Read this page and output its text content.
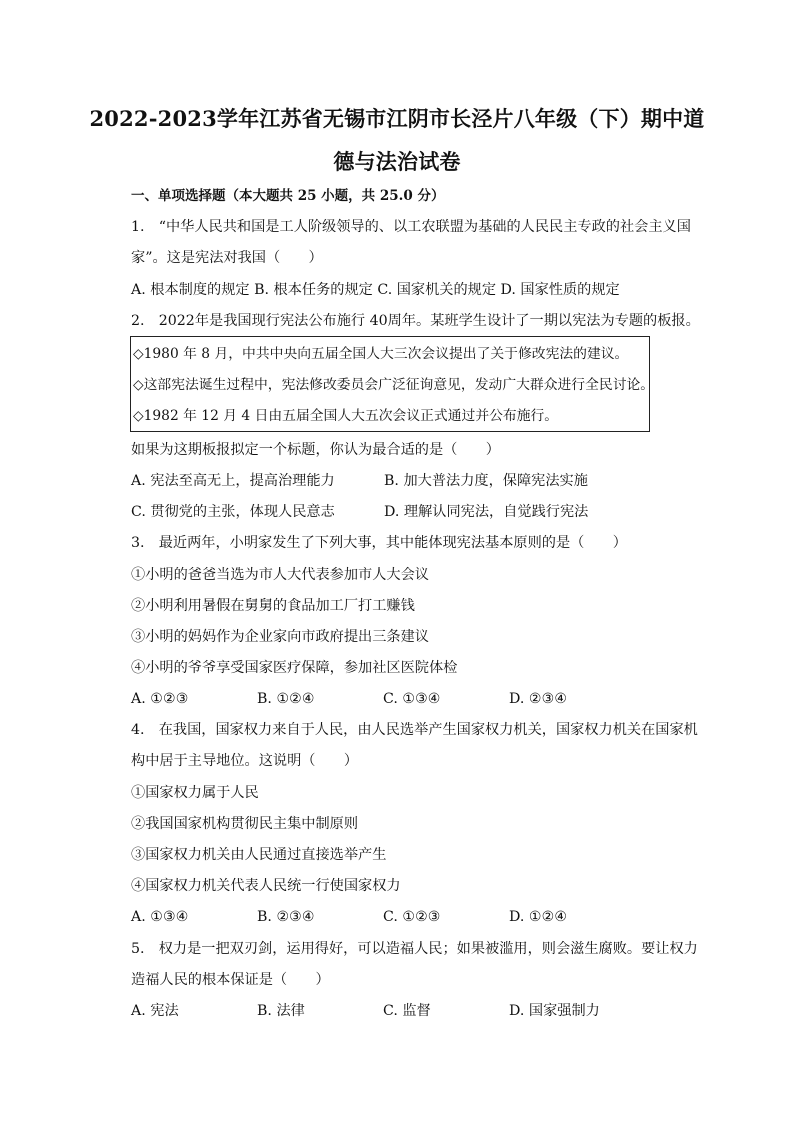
2022-2023学年江苏省无锡市江阴市长泾片八年级（下）期中道
德与法治试卷
一、单项选择题（本大题共 25 小题，共 25.0 分）
1.　“中华人民共和国是工人阶级领导的、以工农联盟为基础的人民民主专政的社会主义国
家”。这是宪法对我国（　　）
A. 根本制度的规定 B. 根本任务的规定 C. 国家机关的规定 D. 国家性质的规定
2.　2022年是我国现行宪法公布施行 40周年。某班学生设计了一期以宪法为专题的板报。
◇1980 年 8 月，中共中央向五届全国人大三次会议提出了关于修改宪法的建议。
◇这部宪法诞生过程中，宪法修改委员会广泛征询意见，发动广大群众进行全民讨论。
◇1982 年 12 月 4 日由五届全国人大五次会议正式通过并公布施行。
如果为这期板报拟定一个标题，你认为最合适的是（　　）
A. 宪法至高无上，提高治理能力	B. 加大普法力度，保障宪法实施
C. 贯彻党的主张，体现人民意志	D. 理解认同宪法，自觉践行宪法
3.　最近两年，小明家发生了下列大事，其中能体现宪法基本原则的是（　　）
①小明的爸爸当选为市人大代表参加市人大会议
②小明利用暑假在舅舅的食品加工厂打工赚钱
③小明的妈妈作为企业家向市政府提出三条建议
④小明的爷爷享受国家医疗保障，参加社区医院体检
A. ①②③	B. ①②④	C. ①③④	D. ②③④
4.　在我国，国家权力来自于人民，由人民选举产生国家权力机关，国家权力机关在国家机
构中居于主导地位。这说明（　　）
①国家权力属于人民
②我国国家机构贯彻民主集中制原则
③国家权力机关由人民通过直接选举产生
④国家权力机关代表人民统一行使国家权力
A. ①③④	B. ②③④	C. ①②③	D. ①②④
5.　权力是一把双刃剑，运用得好，可以造福人民；如果被滥用，则会滋生腐败。要让权力
造福人民的根本保证是（　　）
A. 宪法	B. 法律	C. 监督	D. 国家强制力
